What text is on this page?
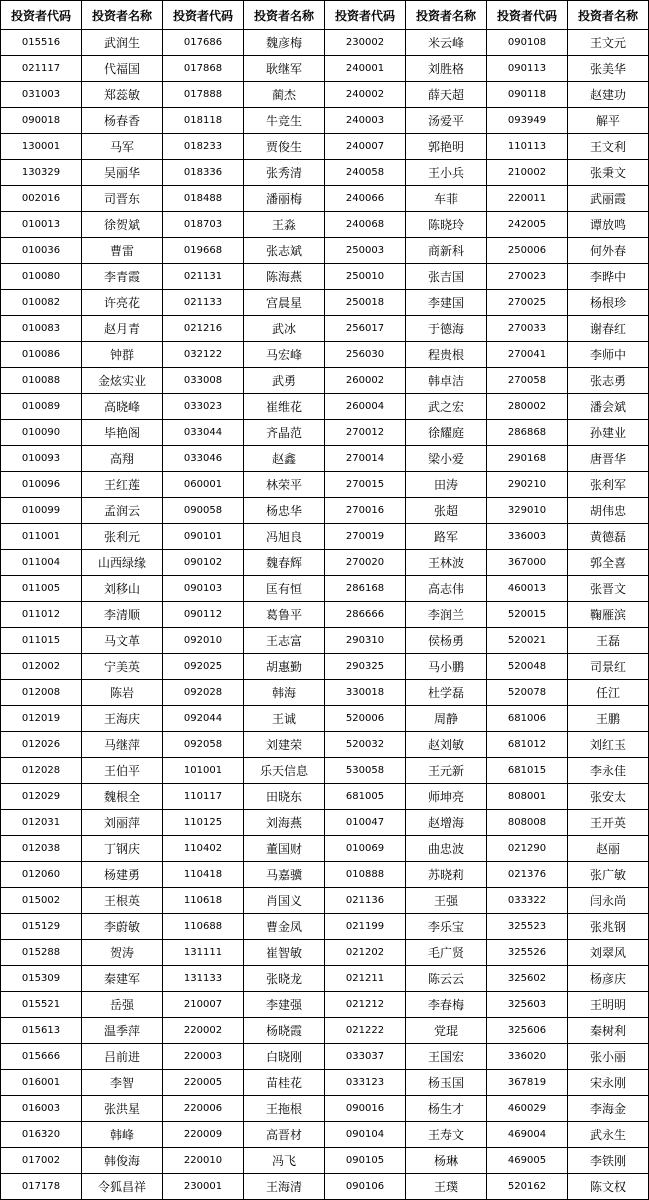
投资者代码	投资者名称	投资者代码	投资者名称	投资者代码	投资者名称	投资者代码	投资者名称
015516	武润生	017686	魏彦梅	230002	米云峰	090108	王文元
021117	代福国	017868	耿继军	240001	刘胜格	090113	张美华
031003	郑蕊敏	017888	蔺杰	240002	薛天超	090118	赵建功
090018	杨春香	018118	牛竞生	240003	汤爱平	093949	解平
130001	马军	018233	贾俊生	240007	郭艳明	110113	王文利
130329	吴丽华	018336	张秀清	240058	王小兵	210002	张秉文
002016	司晋东	018488	潘丽梅	240066	车菲	220011	武丽霞
010013	徐贺斌	018703	王淼	240068	陈晓玲	242005	谭放鸣
010036	曹雷	019668	张志斌	250003	商新科	250006	何外春
010080	李青霞	021131	陈海燕	250010	张吉国	270023	李晔中
010082	许亮花	021133	宫晨星	250018	李建国	270025	杨根珍
010083	赵月青	021216	武冰	256017	于德海	270033	谢春红
010086	钟群	032122	马宏峰	256030	程贵根	270041	李师中
010088	金炫实业	033008	武勇	260002	韩卓洁	270058	张志勇
010089	高晓峰	033023	崔维花	260004	武之宏	280002	潘会斌
010090	毕艳阁	033044	齐晶范	270012	徐耀庭	286868	孙建业
010093	高翔	033046	赵鑫	270014	梁小爱	290168	唐晋华
010096	王红莲	060001	林荣平	270015	田涛	290210	张利军
010099	孟润云	090058	杨忠华	270016	张超	329010	胡伟忠
011001	张利元	090101	冯旭良	270019	路军	336003	黄德磊
011004	山西绿缘	090102	魏春辉	270020	王林波	367000	郭全喜
011005	刘移山	090103	匡有恒	286168	高志伟	460013	张晋文
011012	李清顺	090112	葛鲁平	286666	李润兰	520015	鞠雁滨
011015	马文革	092010	王志富	290310	侯杨勇	520021	王磊
012002	宁美英	092025	胡惠勤	290325	马小鹏	520048	司景红
012008	陈岩	092028	韩海	330018	杜学磊	520078	任江
012019	王海庆	092044	王诚	520006	周静	681006	王鹏
012026	马继萍	092058	刘建荣	520032	赵刘敏	681012	刘红玉
012028	王伯平	101001	乐天信息	530058	王元新	681015	李永佳
012029	魏根全	110117	田晓东	681005	师坤亮	808001	张安太
012031	刘丽萍	110125	刘海燕	010047	赵增海	808008	王开英
012038	丁钢庆	110402	董国财	010069	曲忠波	021290	赵丽
012060	杨建勇	110418	马嘉骥	010888	苏晓莉	021376	张广敏
015002	王根英	110618	肖国义	021136	王强	033322	闫永尚
015129	李蔚敏	110688	曹金凤	021199	李乐宝	325523	张兆钢
015288	贺涛	131111	崔智敏	021202	毛广贤	325526	刘翠风
015309	秦建军	131133	张晓龙	021211	陈云云	325602	杨彦庆
015521	岳强	210007	李建强	021212	李春梅	325603	王明明
015613	温季萍	220002	杨晓霞	021222	党琨	325606	秦树利
015666	吕前进	220003	白晓刚	033037	王国宏	336020	张小丽
016001	李智	220005	苗桂花	033123	杨玉国	367819	宋永刚
016003	张洪星	220006	王拖根	090016	杨生才	460029	李海金
016320	韩峰	220009	高晋材	090104	王寿文	469004	武永生
017002	韩俊海	220010	冯飞	090105	杨琳	469005	李铁刚
017178	令狐昌祥	230001	王海清	090106	王璞	520162	陈文权
